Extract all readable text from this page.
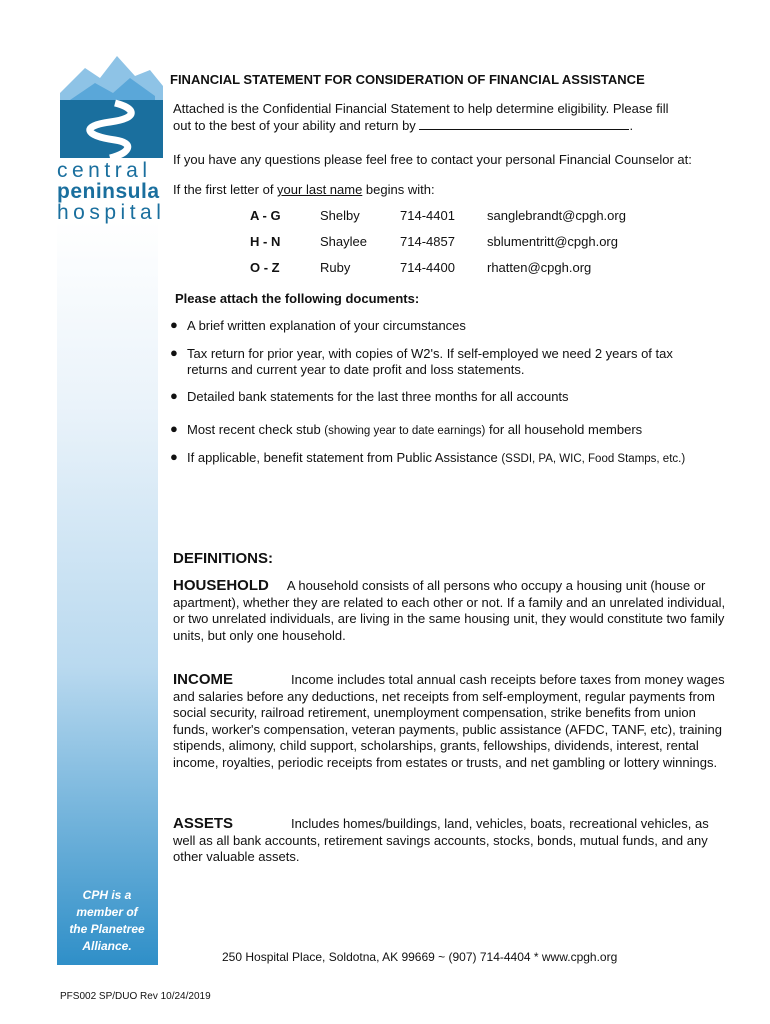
central
peninsula
hospital
CPH is a
member of
the Planetree
Alliance.
FINANCIAL STATEMENT FOR CONSIDERATION OF FINANCIAL ASSISTANCE
Attached is the Confidential Financial Statement to help determine eligibility. Please fill
out to the best of your ability and return by	.
If you have any questions please feel free to contact your personal Financial Counselor at:
If the first letter of your last name begins with:
A - G	Shelby	714-4401 sanglebrandt@cpgh.org
H - N	Shaylee	714-4857 sblumentritt@cpgh.org
O - Z	Ruby	714-4400 rhatten@cpgh.org
Please attach the following documents:
● A brief written explanation of your circumstances
● Tax return for prior year, with copies of W2's. If self-employed we need 2 years of tax returns and current year to date profit and loss statements.
● Detailed bank statements for the last three months for all accounts
● Most recent check stub (showing year to date earnings) for all household members
● If applicable, benefit statement from Public Assistance (SSDI, PA, WIC, Food Stamps, etc.)
DEFINITIONS:
HOUSEHOLD A household consists of all persons who occupy a housing unit (house or apartment), whether they are related to each other or not. If a family and an unrelated individual, or two unrelated individuals, are living in the same housing unit, they would constitute two family units, but only one household.
INCOME	Income includes total annual cash receipts before taxes from money wages and salaries before any deductions, net receipts from self-employment, regular payments from social security, railroad retirement, unemployment compensation, strike benefits from union funds, worker's compensation, veteran payments, public assistance (AFDC, TANF, etc), training stipends, alimony, child support, scholarships, grants, fellowships, dividends, interest, rental income, royalties, periodic receipts from estates or trusts, and net gambling or lottery winnings.
ASSETS	Includes homes/buildings, land, vehicles, boats, recreational vehicles, as well as all bank accounts, retirement savings accounts, stocks, bonds, mutual funds, and any other valuable assets.
250 Hospital Place, Soldotna, AK 99669 ~ (907) 714-4404 * www.cpgh.org
PFS002 SP/DUO Rev 10/24/2019
